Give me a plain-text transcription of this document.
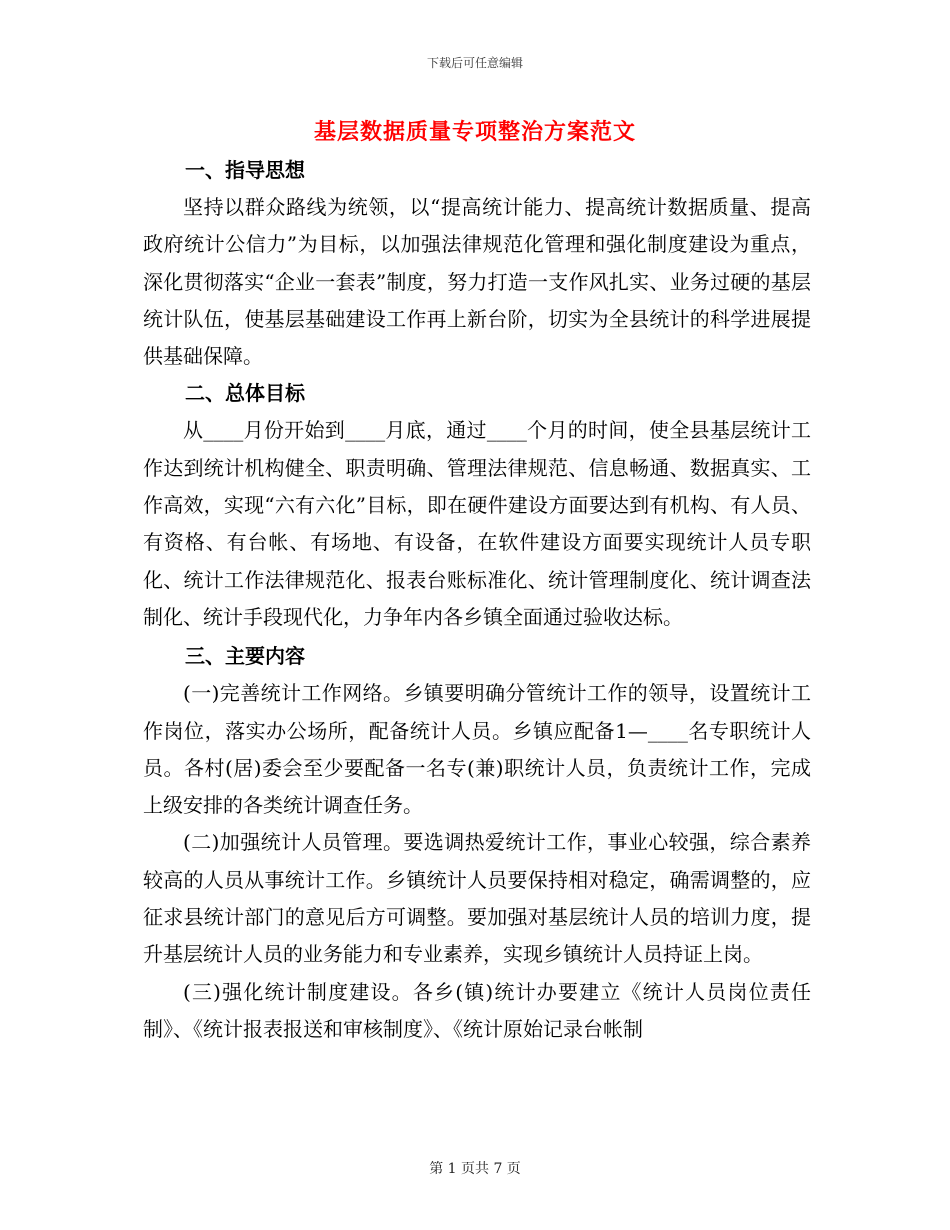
下载后可任意编辑
基层数据质量专项整治方案范文

一、指导思想

坚持以群众路线为统领，以“提高统计能力、提高统计数据质量、提高政府统计公信力”为目标，以加强法律规范化管理和强化制度建设为重点，深化贯彻落实“企业一套表”制度，努力打造一支作风扎实、业务过硬的基层统计队伍，使基层基础建设工作再上新台阶，切实为全县统计的科学进展提供基础保障。

二、总体目标

从____月份开始到____月底，通过____个月的时间，使全县基层统计工作达到统计机构健全、职责明确、管理法律规范、信息畅通、数据真实、工作高效，实现“六有六化”目标，即在硬件建设方面要达到有机构、有人员、有资格、有台帐、有场地、有设备，在软件建设方面要实现统计人员专职化、统计工作法律规范化、报表台账标准化、统计管理制度化、统计调查法制化、统计手段现代化，力争年内各乡镇全面通过验收达标。

三、主要内容

(一)完善统计工作网络。乡镇要明确分管统计工作的领导，设置统计工作岗位，落实办公场所，配备统计人员。乡镇应配备1—____名专职统计人员。各村(居)委会至少要配备一名专(兼)职统计人员，负责统计工作，完成上级安排的各类统计调查任务。

(二)加强统计人员管理。要选调热爱统计工作，事业心较强，综合素养较高的人员从事统计工作。乡镇统计人员要保持相对稳定，确需调整的，应征求县统计部门的意见后方可调整。要加强对基层统计人员的培训力度，提升基层统计人员的业务能力和专业素养，实现乡镇统计人员持证上岗。

(三)强化统计制度建设。各乡(镇)统计办要建立《统计人员岗位责任制》、《统计报表报送和审核制度》、《统计原始记录台帐制

第 1 页共 7 页
